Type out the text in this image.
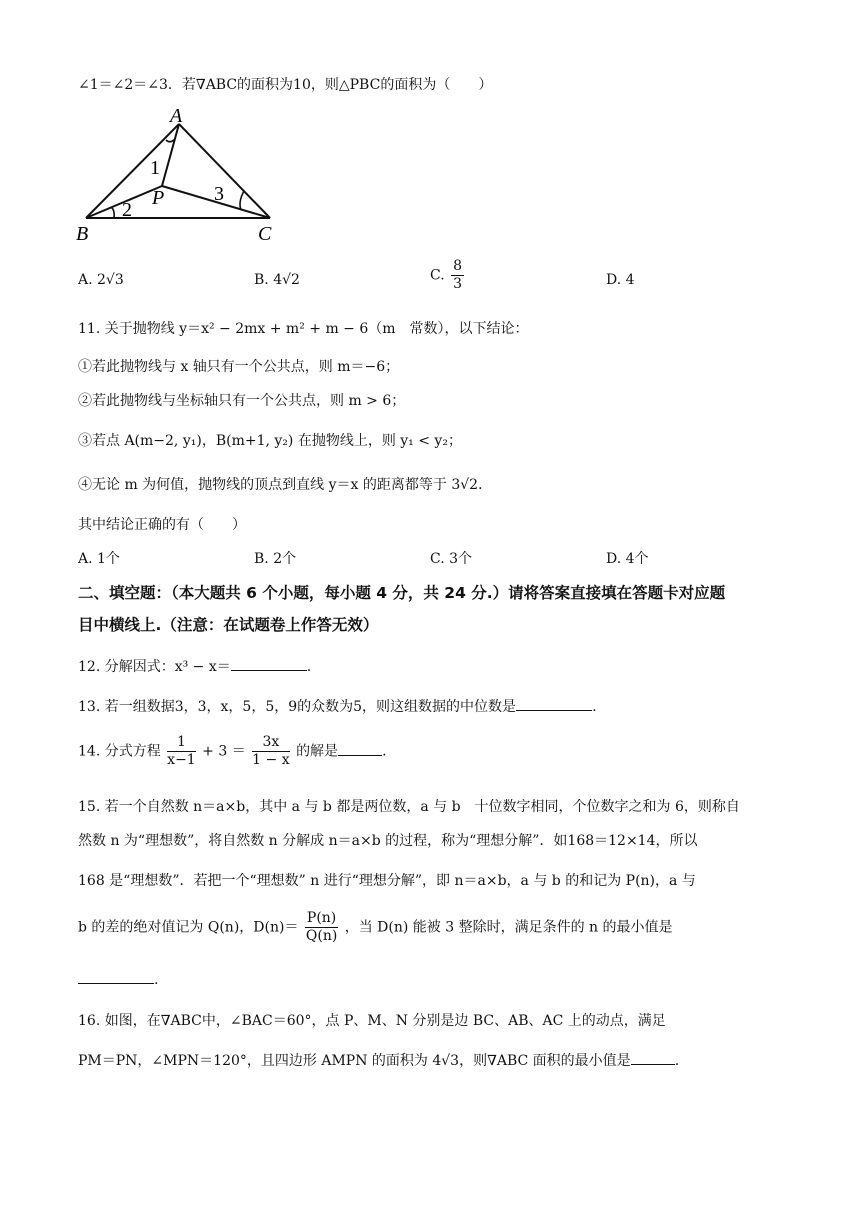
∠1＝∠2＝∠3．若∇ABC的面积为10，则△PBC的面积为（　　）
A
B	C
P
1
2
3
A. 2√3	B. 4√2	C. $\frac{8}{3}$	D. 4
11. 关于抛物线 y＝x² − 2mx + m² + m − 6（m　常数），以下结论：
①若此抛物线与 x 轴只有一个公共点，则 m＝−6；
②若此抛物线与坐标轴只有一个公共点，则 m > 6；
③若点 A(m−2, y₁)，B(m+1, y₂) 在抛物线上，则 y₁ < y₂；
④无论 m 为何值，抛物线的顶点到直线 y＝x 的距离都等于 3√2．
其中结论正确的有（　　）
A. 1个	B. 2个	C. 3个	D. 4个
二、填空题：（本大题共 6 个小题，每小题 4 分，共 24 分.）请将答案直接填在答题卡对应题
目中横线上.（注意：在试题卷上作答无效）
12. 分解因式：x³ − x＝	.
13. 若一组数据3，3，x，5，5，9的众数为5，则这组数据的中位数是	.
14. 分式方程 $\frac{1}{x-1} + 3 = \frac{3x}{1 - x}$ 的解是	.
15. 若一个自然数 n＝a×b，其中 a 与 b 都是两位数，a 与 b　十位数字相同，个位数字之和为 6，则称自
然数 n 为“理想数”，将自然数 n 分解成 n＝a×b 的过程，称为“理想分解”．如168＝12×14，所以
168 是“理想数”．若把一个“理想数” n 进行“理想分解”，即 n＝a×b，a 与 b 的和记为 P(n)，a 与
b 的差的绝对值记为 Q(n)，$D(n)= \frac{P(n)}{Q(n)}$ ，当 D(n) 能被 3 整除时，满足条件的 n 的最小值是
.
16. 如图，在∇ABC中，∠BAC＝60°，点 P、M、N 分别是边 BC、AB、AC 上的动点，满足
PM＝PN，∠MPN＝120°，且四边形 AMPN 的面积为 4√3，则∇ABC 面积的最小值是	.
